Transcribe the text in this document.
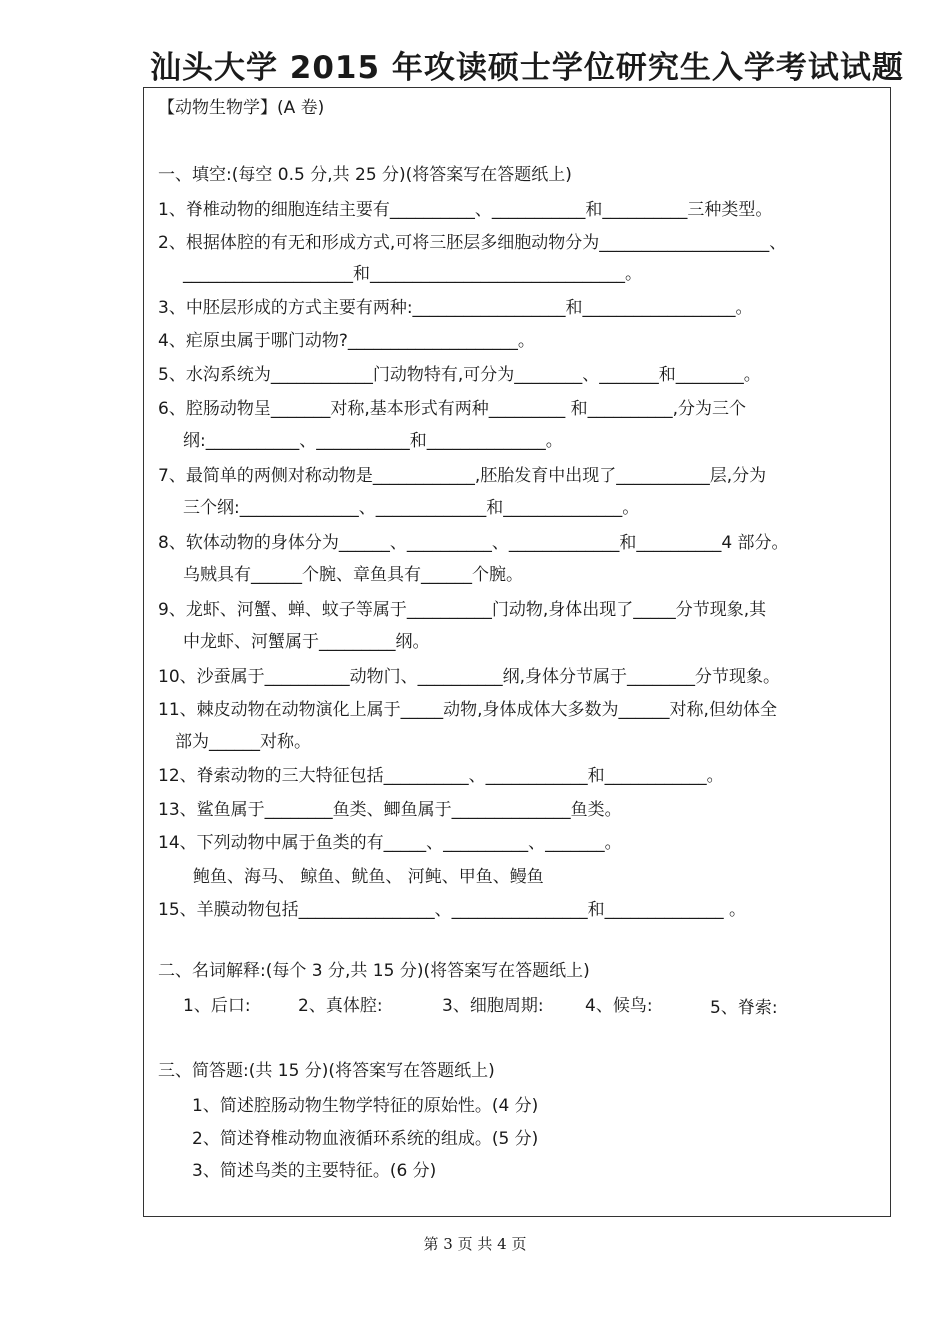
汕头大学 2015 年攻读硕士学位研究生入学考试试题
【动物生物学】(A 卷)
一、填空:(每空 0.5 分,共 25 分)(将答案写在答题纸上)
1、脊椎动物的细胞连结主要有__________、___________和__________三种类型。
2、根据体腔的有无和形成方式,可将三胚层多细胞动物分为____________________、
____________________和______________________________。
3、中胚层形成的方式主要有两种:__________________和__________________。
4、疟原虫属于哪门动物?____________________。
5、水沟系统为____________门动物特有,可分为________、_______和________。
6、腔肠动物呈_______对称,基本形式有两种_________ 和__________,分为三个
纲:___________、___________和______________。
7、最简单的两侧对称动物是____________,胚胎发育中出现了___________层,分为
三个纲:______________、_____________和______________。
8、软体动物的身体分为______、__________、_____________和__________4 部分。
乌贼具有______个腕、章鱼具有______个腕。
9、龙虾、河蟹、蝉、蚊子等属于__________门动物,身体出现了_____分节现象,其
中龙虾、河蟹属于_________纲。
10、沙蚕属于__________动物门、__________纲,身体分节属于________分节现象。
11、棘皮动物在动物演化上属于_____动物,身体成体大多数为______对称,但幼体全
部为______对称。
12、脊索动物的三大特征包括__________、____________和____________。
13、鲨鱼属于________鱼类、鲫鱼属于______________鱼类。
14、下列动物中属于鱼类的有_____、__________、_______。
鲍鱼、海马、 鲸鱼、鱿鱼、 河鲀、甲鱼、鳗鱼
15、羊膜动物包括________________、________________和______________ 。
二、名词解释:(每个 3 分,共 15 分)(将答案写在答题纸上)
1、后口:	2、真体腔:	3、细胞周期: 4、候鸟:	5、脊索:
三、简答题:(共 15 分)(将答案写在答题纸上)
1、简述腔肠动物生物学特征的原始性。(4 分)
2、简述脊椎动物血液循环系统的组成。(5 分)
3、简述鸟类的主要特征。(6 分)
第 3 页 共 4 页
